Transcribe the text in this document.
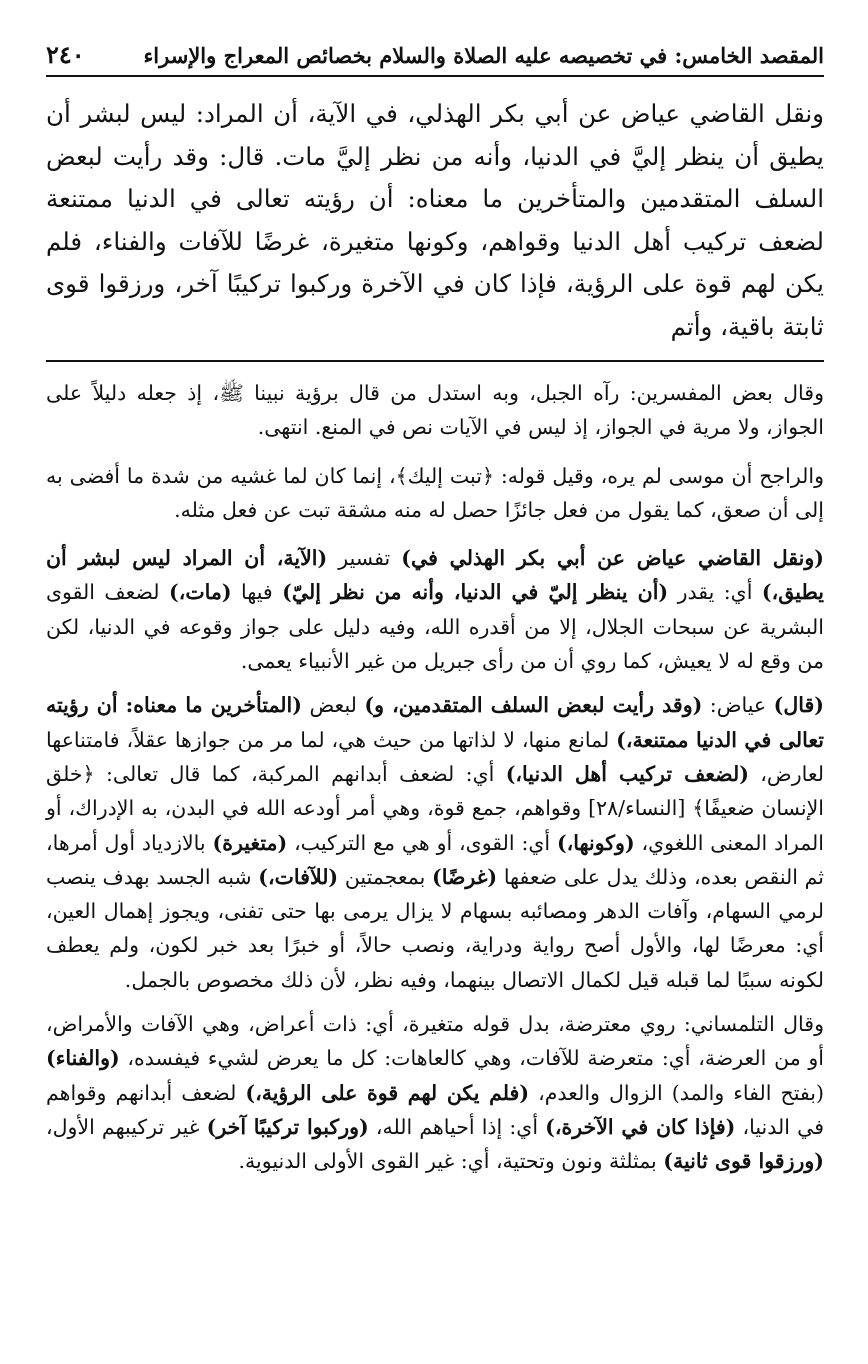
المقصد الخامس: في تخصيصه عليه الصلاة والسلام بخصائص المعراج والإسراء
٢٤٠

ونقل القاضي عياض عن أبي بكر الهذلي، في الآية، أن المراد: ليس لبشر أن يطيق أن ينظر إليَّ في الدنيا، وأنه من نظر إليَّ مات. قال: وقد رأيت لبعض السلف المتقدمين والمتأخرين ما معناه: أن رؤيته تعالى في الدنيا ممتنعة لضعف تركيب أهل الدنيا وقواهم، وكونها متغيرة، غرضًا للآفات والفناء، فلم يكن لهم قوة على الرؤية، فإذا كان في الآخرة وركبوا تركيبًا آخر، ورزقوا قوى ثابتة باقية، وأتم

وقال بعض المفسرين: رآه الجبل، وبه استدل من قال برؤية نبينا ﷺ، إذ جعله دليلاً على الجواز، ولا مرية في الجواز، إذ ليس في الآيات نص في المنع. انتهى.

والراجح أن موسى لم يره، وقيل قوله: ﴿تبت إليك﴾، إنما كان لما غشيه من شدة ما أفضى به إلى أن صعق، كما يقول من فعل جائزًا حصل له منه مشقة تبت عن فعل مثله.

(ونقل القاضي عياض عن أبي بكر الهذلي في) تفسير (الآية، أن المراد ليس لبشر أن يطيق،) أي: يقدر (أن ينظر إليّ في الدنيا، وأنه من نظر إليّ) فيها (مات،) لضعف القوى البشرية عن سبحات الجلال، إلا من أقدره الله، وفيه دليل على جواز وقوعه في الدنيا، لكن من وقع له لا يعيش، كما روي أن من رأى جبريل من غير الأنبياء يعمى.

(قال) عياض: (وقد رأيت لبعض السلف المتقدمين، و) لبعض (المتأخرين ما معناه: أن رؤيته تعالى في الدنيا ممتنعة،) لمانع منها، لا لذاتها من حيث هي، لما مر من جوازها عقلاً، فامتناعها لعارض، (لضعف تركيب أهل الدنيا،) أي: لضعف أبدانهم المركبة، كما قال تعالى: ﴿خلق الإنسان ضعيفًا﴾ [النساء/٢٨] وقواهم، جمع قوة، وهي أمر أودعه الله في البدن، به الإدراك، أو المراد المعنى اللغوي، (وكونها،) أي: القوى، أو هي مع التركيب، (متغيرة) بالازدياد أول أمرها، ثم النقص بعده، وذلك يدل على ضعفها (غرضًا) بمعجمتين (للآفات،) شبه الجسد بهدف ينصب لرمي السهام، وآفات الدهر ومصائبه بسهام لا يزال يرمى بها حتى تفنى، ويجوز إهمال العين، أي: معرضًا لها، والأول أصح رواية ودراية، ونصب حالاً، أو خبرًا بعد خبر لكون، ولم يعطف لكونه سببًا لما قبله قيل لكمال الاتصال بينهما، وفيه نظر، لأن ذلك مخصوص بالجمل.

وقال التلمساني: روي معترضة، بدل قوله متغيرة، أي: ذات أعراض، وهي الآفات والأمراض، أو من العرضة، أي: متعرضة للآفات، وهي كالعاهات: كل ما يعرض لشيء فيفسده، (والفناء) (بفتح الفاء والمد) الزوال والعدم، (فلم يكن لهم قوة على الرؤية،) لضعف أبدانهم وقواهم في الدنيا، (فإذا كان في الآخرة،) أي: إذا أحياهم الله، (وركبوا تركيبًا آخر) غير تركيبهم الأول، (ورزقوا قوى ثانية) بمثلثة ونون وتحتية، أي: غير القوى الأولى الدنيوية.
